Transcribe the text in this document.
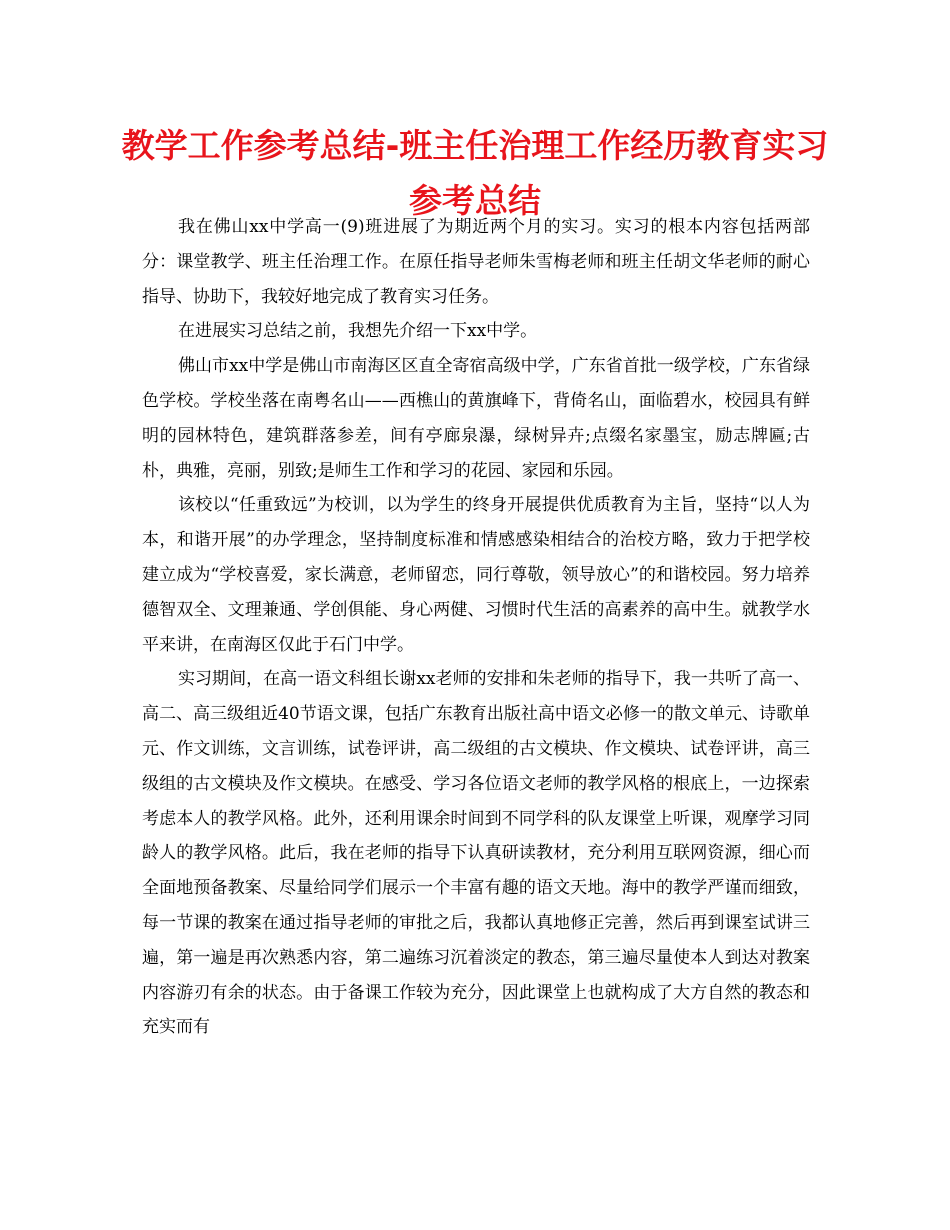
教学工作参考总结-班主任治理工作经历教育实习
参考总结

我在佛山xx中学高一(9)班进展了为期近两个月的实习。实习的根本内容包括两部分：课堂教学、班主任治理工作。在原任指导老师朱雪梅老师和班主任胡文华老师的耐心指导、协助下，我较好地完成了教育实习任务。

在进展实习总结之前，我想先介绍一下xx中学。

佛山市xx中学是佛山市南海区区直全寄宿高级中学，广东省首批一级学校，广东省绿色学校。学校坐落在南粤名山——西樵山的黄旗峰下，背倚名山，面临碧水，校园具有鲜明的园林特色，建筑群落参差，间有亭廊泉瀑，绿树异卉;点缀名家墨宝，励志牌匾;古朴，典雅，亮丽，别致;是师生工作和学习的花园、家园和乐园。

该校以“任重致远”为校训，以为学生的终身开展提供优质教育为主旨，坚持“以人为本，和谐开展”的办学理念，坚持制度标准和情感感染相结合的治校方略，致力于把学校建立成为“学校喜爱，家长满意，老师留恋，同行尊敬，领导放心”的和谐校园。努力培养德智双全、文理兼通、学创俱能、身心两健、习惯时代生活的高素养的高中生。就教学水平来讲，在南海区仅此于石门中学。

实习期间，在高一语文科组长谢xx老师的安排和朱老师的指导下，我一共听了高一、高二、高三级组近40节语文课，包括广东教育出版社高中语文必修一的散文单元、诗歌单元、作文训练，文言训练，试卷评讲，高二级组的古文模块、作文模块、试卷评讲，高三级组的古文模块及作文模块。在感受、学习各位语文老师的教学风格的根底上，一边探索考虑本人的教学风格。此外，还利用课余时间到不同学科的队友课堂上听课，观摩学习同龄人的教学风格。此后，我在老师的指导下认真研读教材，充分利用互联网资源，细心而全面地预备教案、尽量给同学们展示一个丰富有趣的语文天地。海中的教学严谨而细致，每一节课的教案在通过指导老师的审批之后，我都认真地修正完善，然后再到课室试讲三遍，第一遍是再次熟悉内容，第二遍练习沉着淡定的教态，第三遍尽量使本人到达对教案内容游刃有余的状态。由于备课工作较为充分，因此课堂上也就构成了大方自然的教态和充实而有
